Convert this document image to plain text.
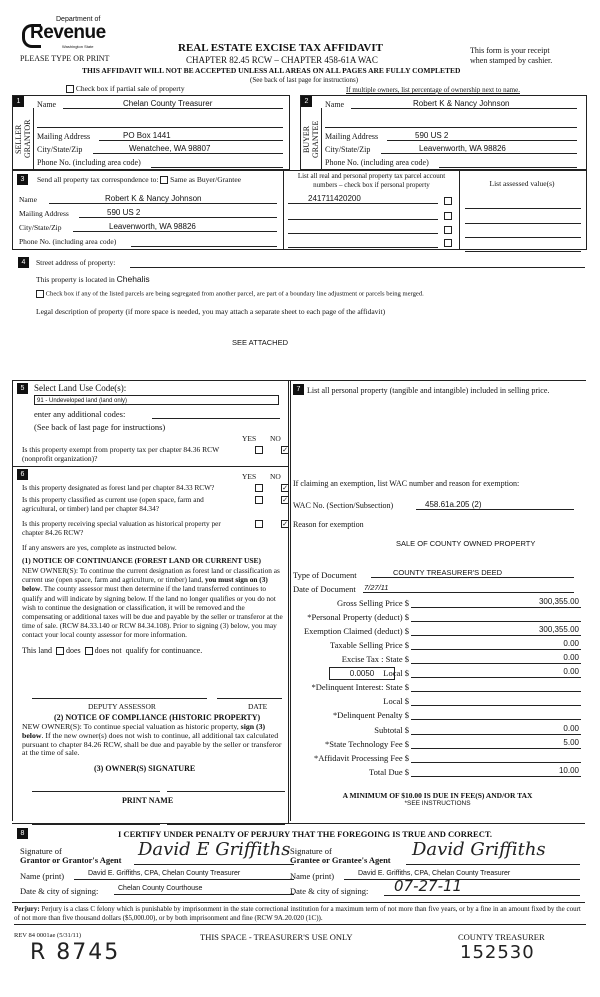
Department of
Revenue
Washington State
PLEASE TYPE OR PRINT
REAL ESTATE EXCISE TAX AFFIDAVIT
CHAPTER 82.45 RCW – CHAPTER 458-61A WAC
This form is your receipt
when stamped by cashier.
THIS AFFIDAVIT WILL NOT BE ACCEPTED UNLESS ALL AREAS ON ALL PAGES ARE FULLY COMPLETED
(See back of last page for instructions)
Check box if partial sale of property	If multiple owners, list percentage of ownership next to name.
1
SELLER GRANTOR
Name	Chelan County Treasurer
Mailing Address	PO Box 1441
City/State/Zip	Wenatchee, WA 98807
Phone No. (including area code)
2
BUYER GRANTEE
Name	Robert K & Nancy Johnson
Mailing Address	590 US 2
City/State/Zip	Leavenworth, WA 98826
Phone No. (including area code)
3	Send all property tax correspondence to: Same as Buyer/Grantee
Name	Robert K & Nancy Johnson
Mailing Address	590 US 2
City/State/Zip	Leavenworth, WA 98826
Phone No. (including area code)
List all real and personal property tax parcel account numbers – check box if personal property
241711420200
List assessed value(s)
4	Street address of property:
This property is located in Chehalis
Check box if any of the listed parcels are being segregated from another parcel, are part of a boundary line adjustment or parcels being merged.
Legal description of property (if more space is needed, you may attach a separate sheet to each page of the affidavit)
SEE ATTACHED
5	Select Land Use Code(s):
91 - Undeveloped land (land only)
enter any additional codes:
(See back of last page for instructions)
YES NO
Is this property exempt from property tax per chapter 84.36 RCW (nonprofit organization)?
✓
6	YES NO
Is this property designated as forest land per chapter 84.33 RCW?	✓
Is this property classified as current use (open space, farm and agricultural, or timber) land per chapter 84.34?
✓
Is this property receiving special valuation as historical property per chapter 84.26 RCW?
✓
If any answers are yes, complete as instructed below.
(1) NOTICE OF CONTINUANCE (FOREST LAND OR CURRENT USE)
NEW OWNER(S): To continue the current designation as forest land or classification as current use (open space, farm and agriculture, or timber) land, you must sign on (3) below. The county assessor must then determine if the land transferred continues to qualify and will indicate by signing below. If the land no longer qualifies or you do not wish to continue the designation or classification, it will be removed and the compensating or additional taxes will be due and payable by the seller or transferor at the time of sale. (RCW 84.33.140 or RCW 84.34.108). Prior to signing (3) below, you may contact your local county assessor for more information.
This land does does not qualify for continuance.
DEPUTY ASSESSOR	DATE
(2) NOTICE OF COMPLIANCE (HISTORIC PROPERTY)
NEW OWNER(S): To continue special valuation as historic property, sign (3) below. If the new owner(s) does not wish to continue, all additional tax calculated pursuant to chapter 84.26 RCW, shall be due and payable by the seller or transferor at the time of sale.
(3) OWNER(S) SIGNATURE
PRINT NAME
7 List all personal property (tangible and intangible) included in selling price.
If claiming an exemption, list WAC number and reason for exemption:
WAC No. (Section/Subsection)	458.61a.205 (2)
Reason for exemption
SALE OF COUNTY OWNED PROPERTY
Type of Document	COUNTY TREASURER'S DEED
Date of Document 7/27/11
Gross Selling Price $	300,355.00
*Personal Property (deduct) $
Exemption Claimed (deduct) $	300,355.00
Taxable Selling Price $	0.00
Excise Tax : State $	0.00
0.0050	Local $	0.00
*Delinquent Interest: State $
Local $
*Delinquent Penalty $
Subtotal $	0.00
*State Technology Fee $	5.00
*Affidavit Processing Fee $
Total Due $	10.00
A MINIMUM OF $10.00 IS DUE IN FEE(S) AND/OR TAX
*SEE INSTRUCTIONS
8	I CERTIFY UNDER PENALTY OF PERJURY THAT THE FOREGOING IS TRUE AND CORRECT.
Signature of
Grantor or Grantor's Agent David E Griffiths
Name (print)	David E. Griffiths, CPA, Chelan County Treasurer
Date & city of signing:	Chelan County Courthouse
Signature of
Grantee or Grantee's Agent David Griffiths
Name (print)	David E. Griffiths, CPA, Chelan County Treasurer
Date & city of signing: 07-27-11
Perjury: Perjury is a class C felony which is punishable by imprisonment in the state correctional institution for a maximum term of not more than five years, or by a fine in an amount fixed by the court of not more than five thousand dollars ($5,000.00), or by both imprisonment and fine (RCW 9A.20.020 (1C)).
REV 84 0001ae (5/31/11)	THIS SPACE - TREASURER'S USE ONLY	COUNTY TREASURER
R 8745	152530
